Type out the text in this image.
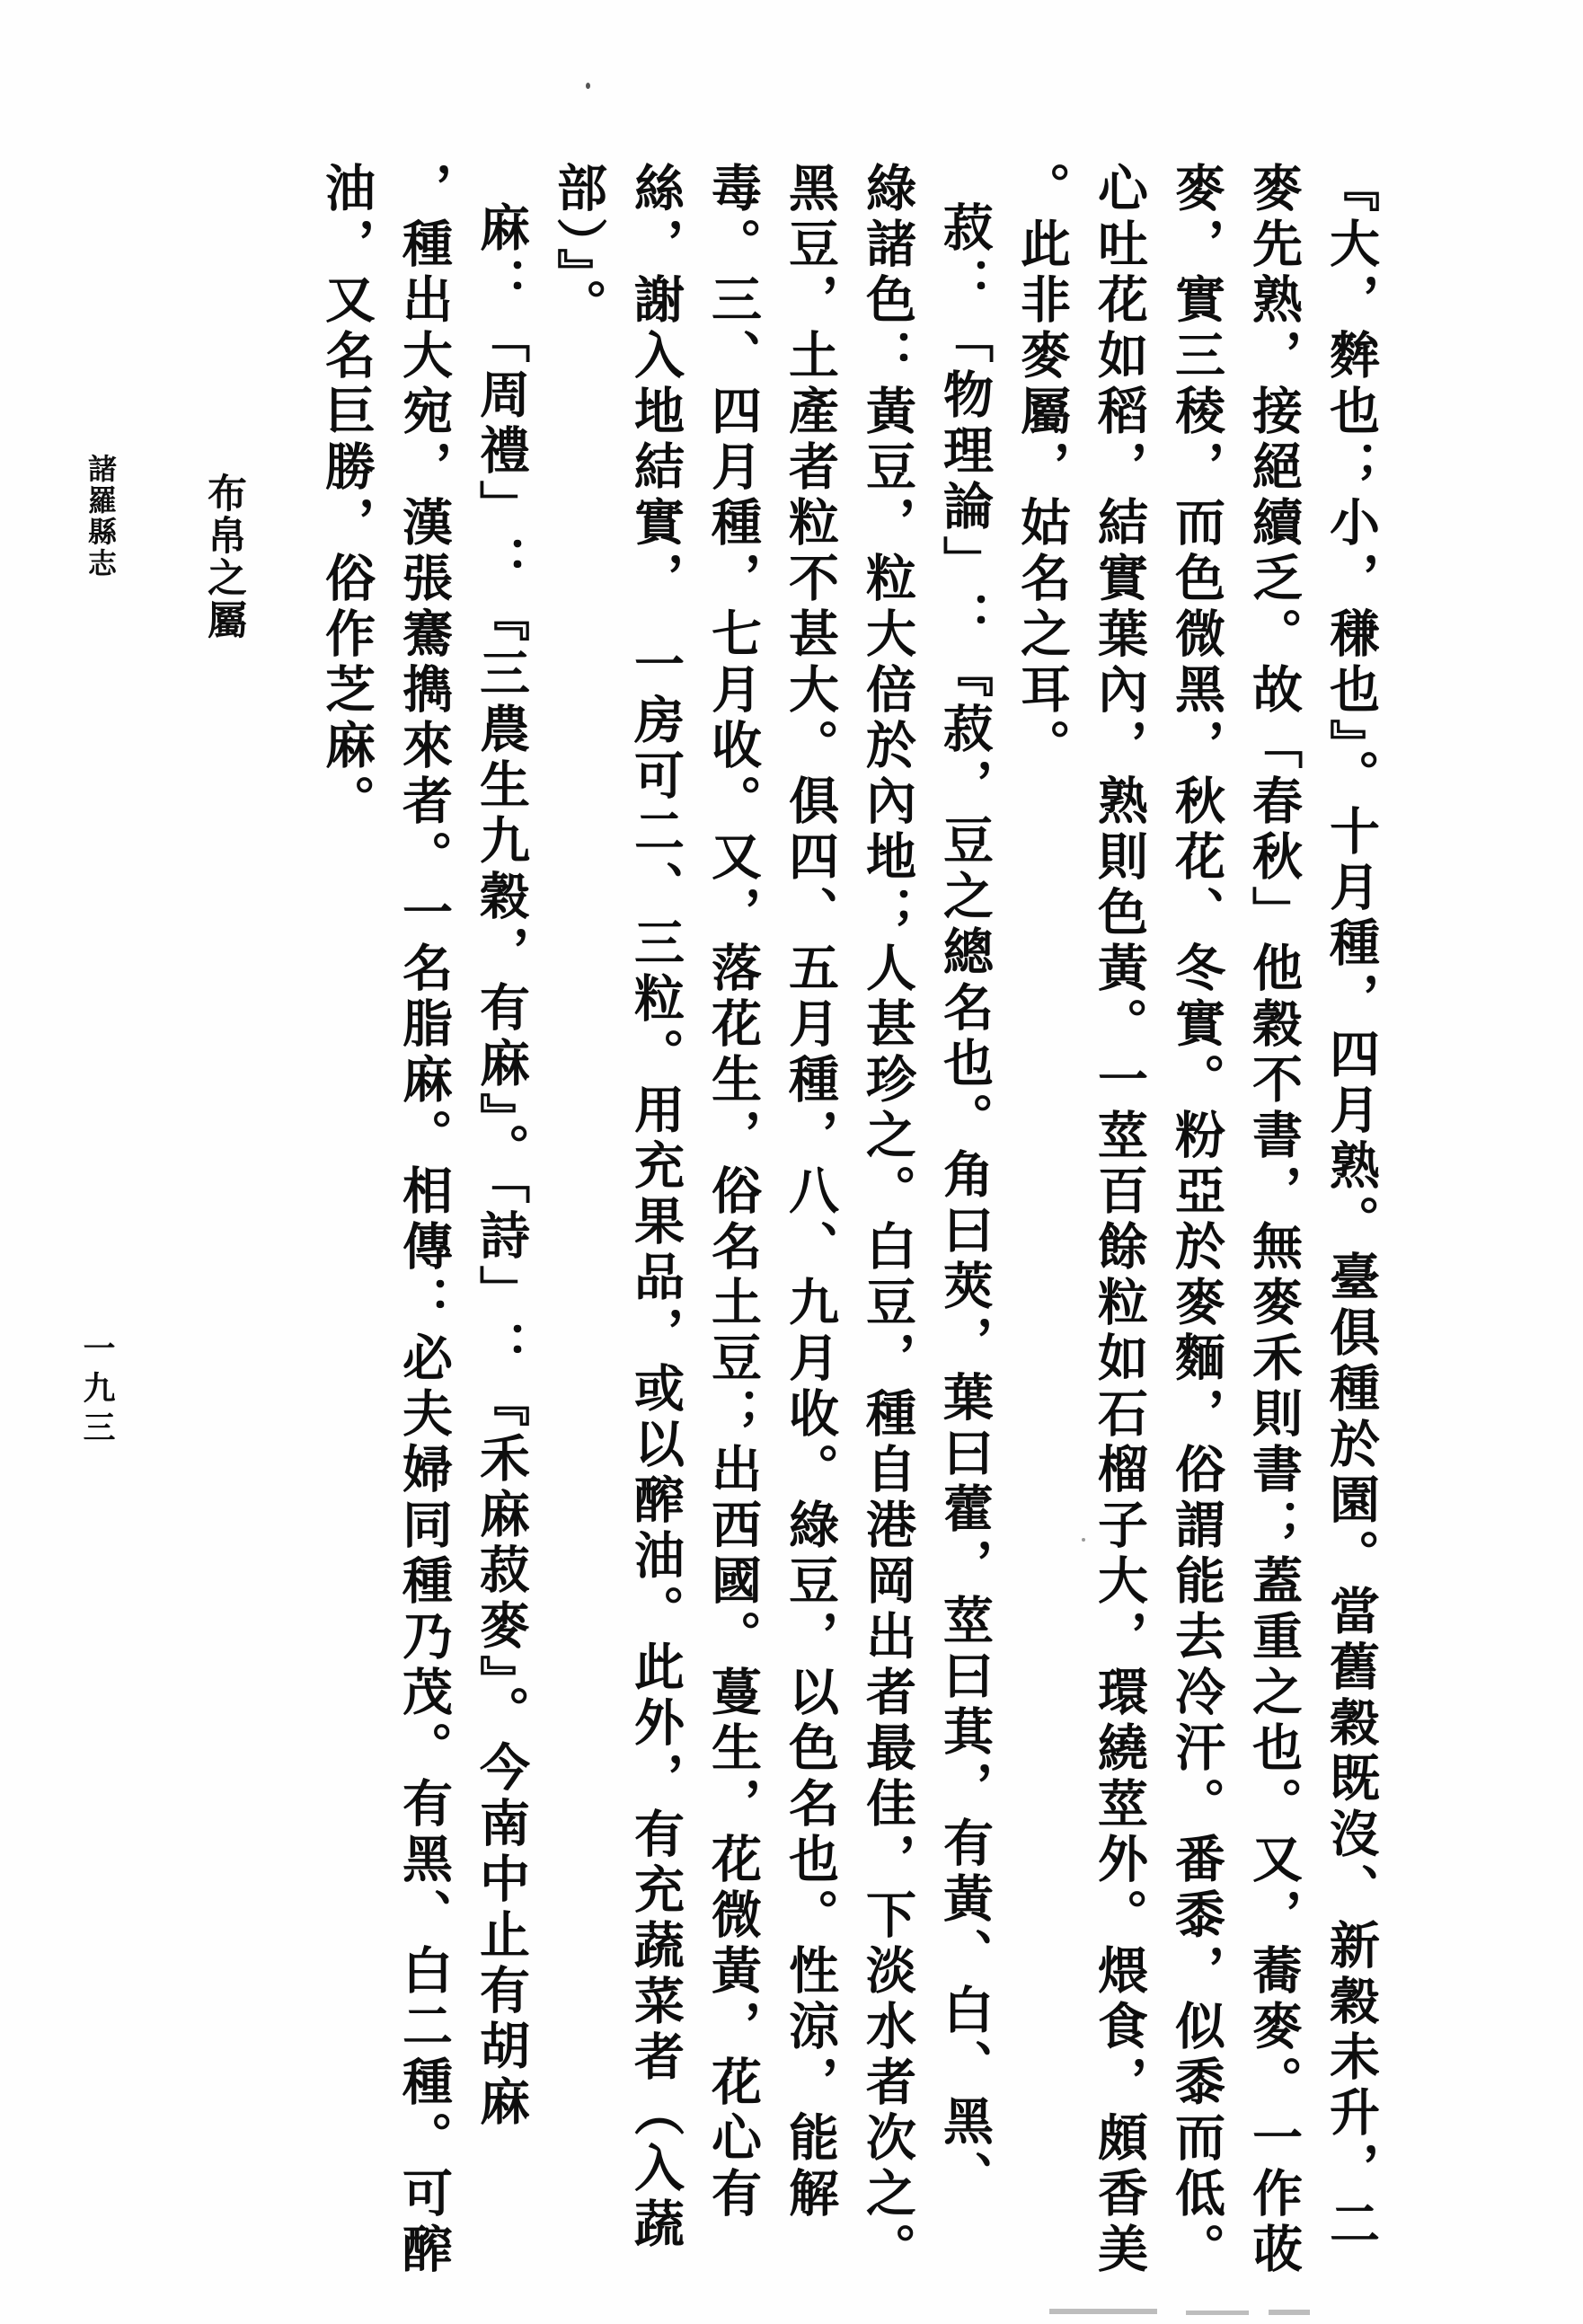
『大，麰也；小，稴也』。十月種，四月熟。臺俱種於園。當舊穀既沒、新穀未升，二
麥先熟，接絕續乏。故「春秋」他穀不書，無麥禾則書；蓋重之也。又，蕎麥。一作荍
麥，實三稜，而色微黑，秋花、冬實。粉亞於麥麵，俗謂能去冷汗。番黍，似黍而低。
心吐花如稻，結實葉內，熟則色黃。一莖百餘粒如石榴子大，環繞莖外。煨食，頗香美
。此非麥屬，姑名之耳。
菽：「物理論」：『菽，豆之總名也。角曰莢，葉曰藿，莖曰萁，有黃、白、黑、
綠諸色：黃豆，粒大倍於內地；人甚珍之。白豆，種自港岡出者最佳，下淡水者次之。
黑豆，土產者粒不甚大。俱四、五月種，八、九月收。綠豆，以色名也。性涼，能解
毒。三、四月種，七月收。又，落花生，俗名土豆；出西國。蔓生，花微黃，花心有
絲，謝入地結實，　一房可二、三粒。用充果品，或以醡油。此外，有充蔬菜者（入蔬
部）』。
麻：「周禮」：『三農生九穀，有麻』。「詩」：『禾麻菽麥』。今南中止有胡麻
，種出大宛，漢張騫擕來者。一名脂麻。相傳：必夫婦同種乃茂。有黑、白二種。可醡
油，又名巨勝，俗作芝麻。
布帛之屬
諸羅縣志
一九三
